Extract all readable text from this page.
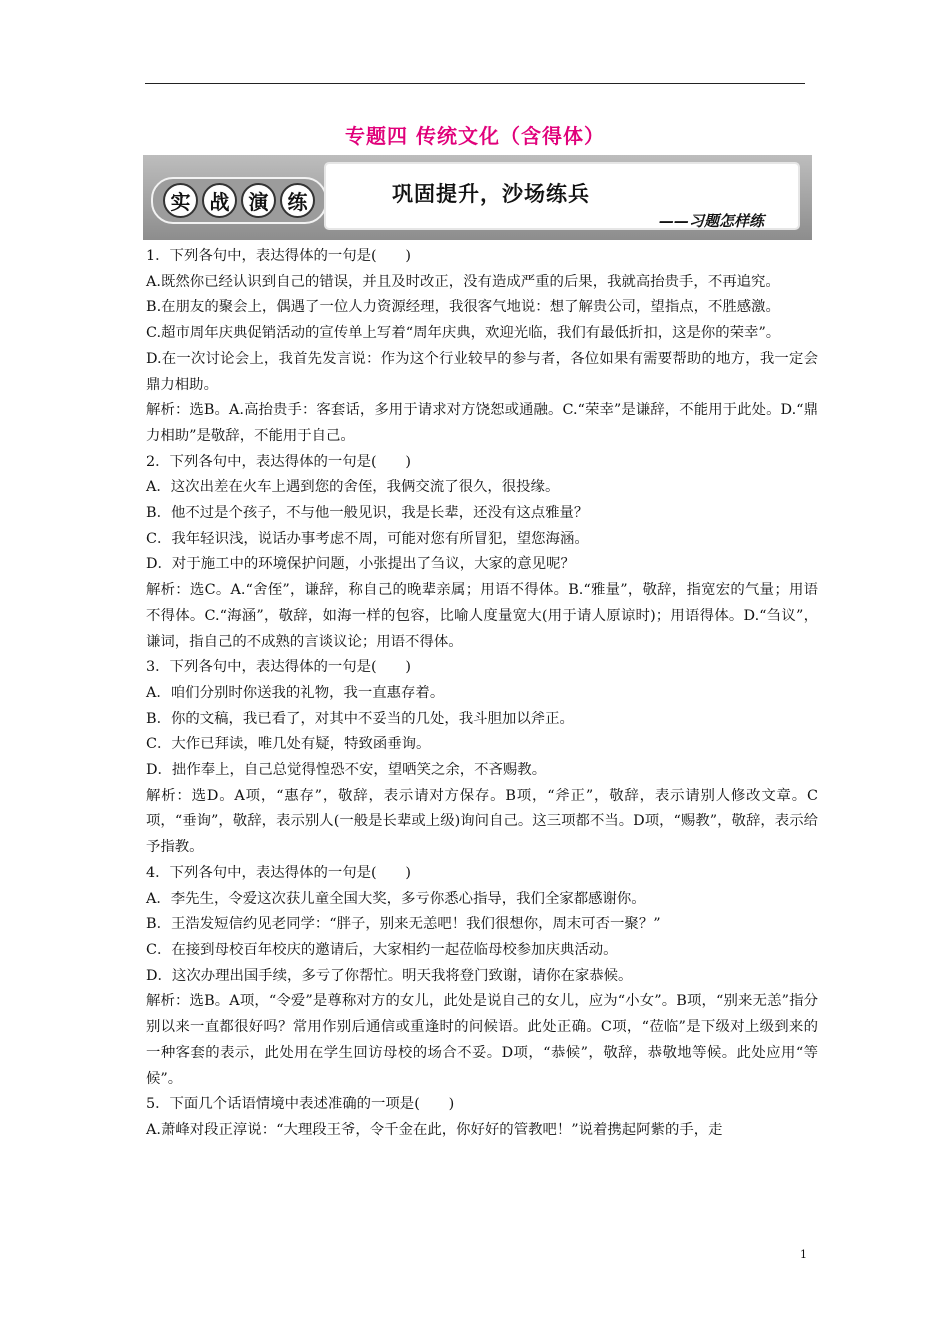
专题四 传统文化（含得体）
实 战 演 练	巩固提升，沙场练兵
——习题怎样练

1．下列各句中，表达得体的一句是(　　)

A.既然你已经认识到自己的错误，并且及时改正，没有造成严重的后果，我就高抬贵手，不再追究。

B.在朋友的聚会上，偶遇了一位人力资源经理，我很客气地说：想了解贵公司，望指点，不胜感激。

C.超市周年庆典促销活动的宣传单上写着“周年庆典，欢迎光临，我们有最低折扣，这是你的荣幸”。

D.在一次讨论会上，我首先发言说：作为这个行业较早的参与者，各位如果有需要帮助的地方，我一定会鼎力相助。

解析：选B。A.高抬贵手：客套话，多用于请求对方饶恕或通融。C.“荣幸”是谦辞，不能用于此处。D.“鼎力相助”是敬辞，不能用于自己。

2．下列各句中，表达得体的一句是(　　)

A．这次出差在火车上遇到您的舍侄，我俩交流了很久，很投缘。

B．他不过是个孩子，不与他一般见识，我是长辈，还没有这点雅量？

C．我年轻识浅，说话办事考虑不周，可能对您有所冒犯，望您海涵。

D．对于施工中的环境保护问题，小张提出了刍议，大家的意见呢？

解析：选C。A.“舍侄”，谦辞，称自己的晚辈亲属；用语不得体。B.“雅量”，敬辞，指宽宏的气量；用语不得体。C.“海涵”，敬辞，如海一样的包容，比喻人度量宽大(用于请人原谅时)；用语得体。D.“刍议”，谦词，指自己的不成熟的言谈议论；用语不得体。

3．下列各句中，表达得体的一句是(　　)

A．咱们分别时你送我的礼物，我一直惠存着。

B．你的文稿，我已看了，对其中不妥当的几处，我斗胆加以斧正。

C．大作已拜读，唯几处有疑，特致函垂询。

D．拙作奉上，自己总觉得惶恐不安，望哂笑之余，不吝赐教。

解析：选D。A项，“惠存”，敬辞，表示请对方保存。B项，“斧正”，敬辞，表示请别人修改文章。C项，“垂询”，敬辞，表示别人(一般是长辈或上级)询问自己。这三项都不当。D项，“赐教”，敬辞，表示给予指教。

4．下列各句中，表达得体的一句是(　　)

A．李先生，令爱这次获儿童全国大奖，多亏你悉心指导，我们全家都感谢你。

B．王浩发短信约见老同学：“胖子，别来无恙吧！我们很想你，周末可否一聚？”

C．在接到母校百年校庆的邀请后，大家相约一起莅临母校参加庆典活动。

D．这次办理出国手续，多亏了你帮忙。明天我将登门致谢，请你在家恭候。

解析：选B。A项，“令爱”是尊称对方的女儿，此处是说自己的女儿，应为“小女”。B项，“别来无恙”指分别以来一直都很好吗？常用作别后通信或重逢时的问候语。此处正确。C项，“莅临”是下级对上级到来的一种客套的表示，此处用在学生回访母校的场合不妥。D项，“恭候”，敬辞，恭敬地等候。此处应用“等候”。

5．下面几个话语情境中表述准确的一项是(　　)

A.萧峰对段正淳说：“大理段王爷，令千金在此，你好好的管教吧！”说着携起阿紫的手，走

1
